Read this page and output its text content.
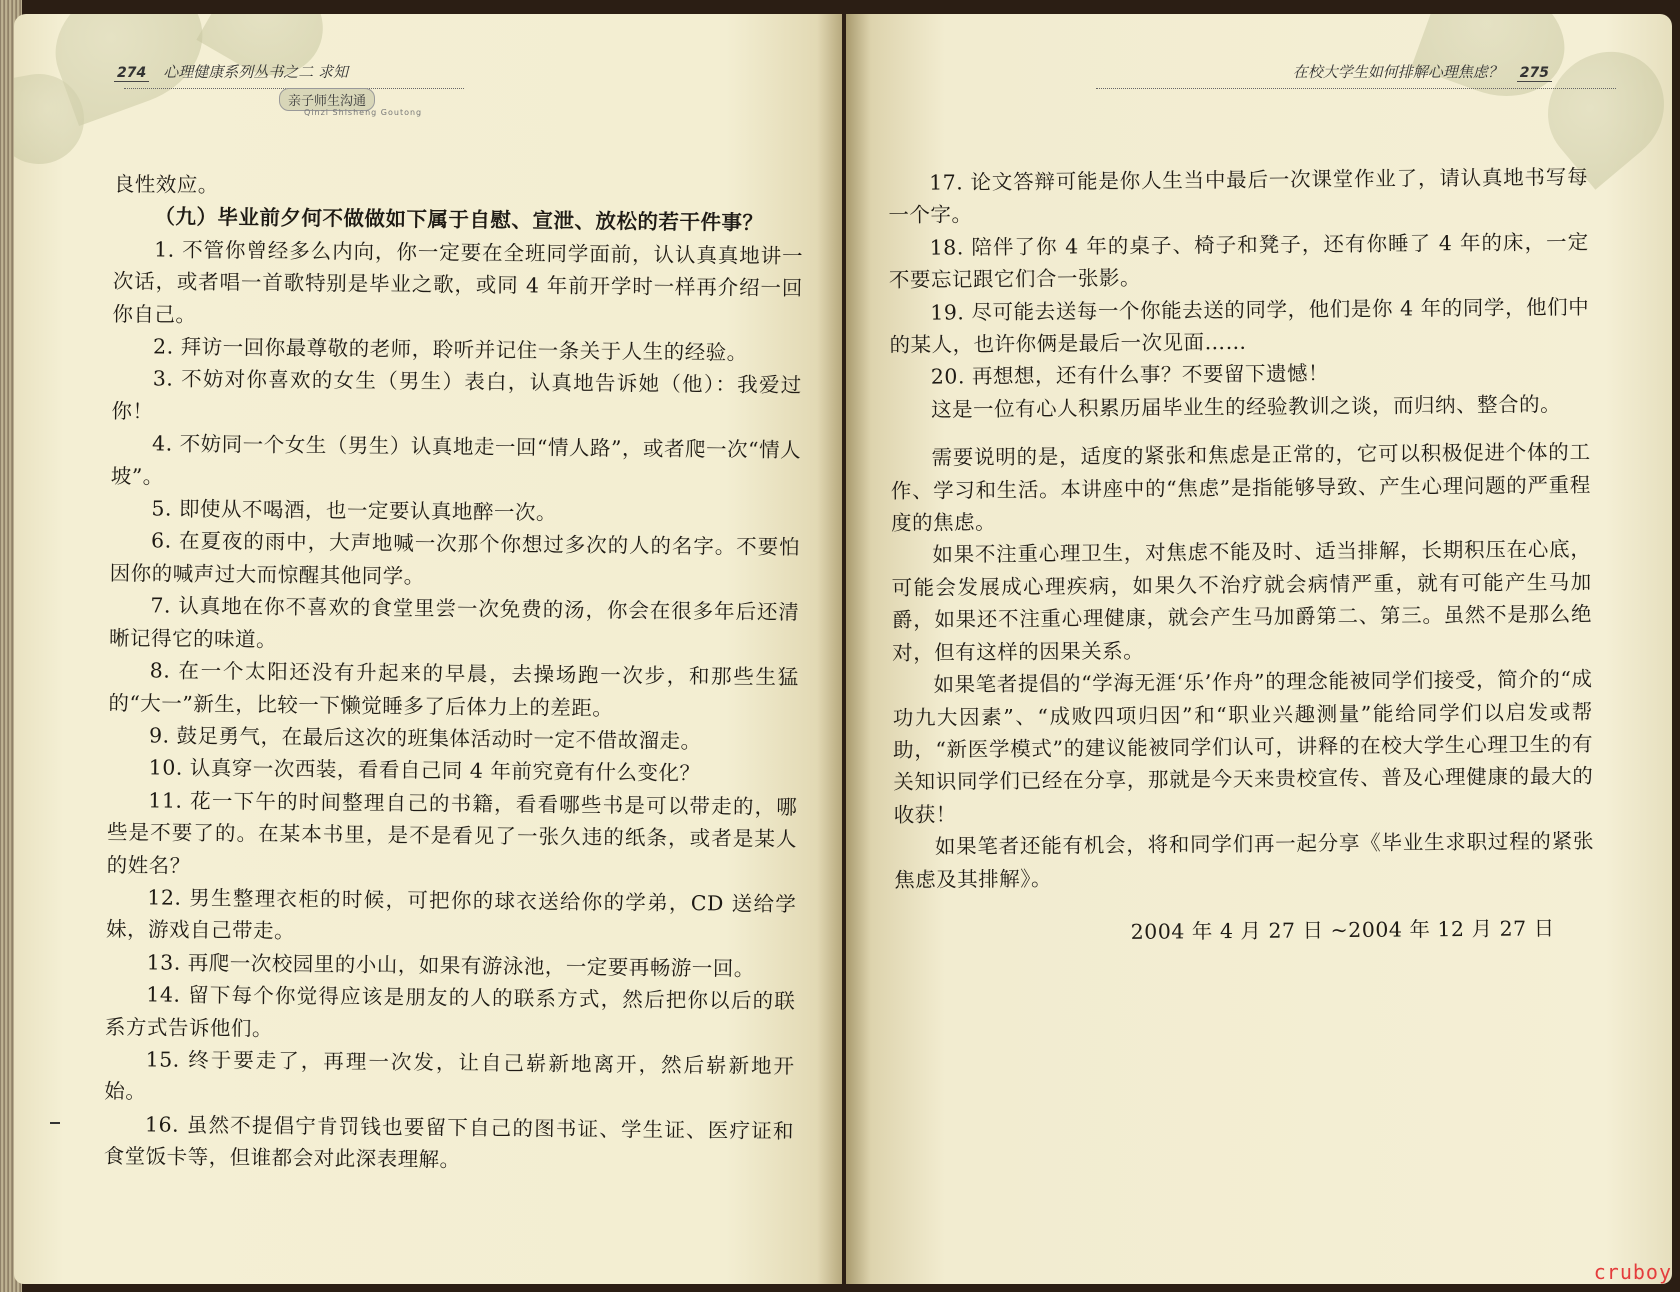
274 心理健康系列丛书之二 求知
亲子师生沟通
Qinzi Shisheng Goutong

良性效应。

（九）毕业前夕何不做做如下属于自慰、宣泄、放松的若干件事？

1. 不管你曾经多么内向，你一定要在全班同学面前，认认真真地讲一次话，或者唱一首歌特别是毕业之歌，或同 4 年前开学时一样再介绍一回你自己。

2. 拜访一回你最尊敬的老师，聆听并记住一条关于人生的经验。

3. 不妨对你喜欢的女生（男生）表白，认真地告诉她（他）：我爱过你！

4. 不妨同一个女生（男生）认真地走一回“情人路”，或者爬一次“情人坡”。

5. 即使从不喝酒，也一定要认真地醉一次。

6. 在夏夜的雨中，大声地喊一次那个你想过多次的人的名字。不要怕因你的喊声过大而惊醒其他同学。

7. 认真地在你不喜欢的食堂里尝一次免费的汤，你会在很多年后还清晰记得它的味道。

8. 在一个太阳还没有升起来的早晨，去操场跑一次步，和那些生猛的“大一”新生，比较一下懒觉睡多了后体力上的差距。

9. 鼓足勇气，在最后这次的班集体活动时一定不借故溜走。

10. 认真穿一次西装，看看自己同 4 年前究竟有什么变化？

11. 花一下午的时间整理自己的书籍，看看哪些书是可以带走的，哪些是不要了的。在某本书里，是不是看见了一张久违的纸条，或者是某人的姓名？

12. 男生整理衣柜的时候，可把你的球衣送给你的学弟，CD 送给学妹，游戏自己带走。

13. 再爬一次校园里的小山，如果有游泳池，一定要再畅游一回。

14. 留下每个你觉得应该是朋友的人的联系方式，然后把你以后的联系方式告诉他们。

15. 终于要走了，再理一次发，让自己崭新地离开，然后崭新地开始。

16. 虽然不提倡宁肯罚钱也要留下自己的图书证、学生证、医疗证和食堂饭卡等，但谁都会对此深表理解。

在校大学生如何排解心理焦虑？ 275

17. 论文答辩可能是你人生当中最后一次课堂作业了，请认真地书写每一个字。

18. 陪伴了你 4 年的桌子、椅子和凳子，还有你睡了 4 年的床，一定不要忘记跟它们合一张影。

19. 尽可能去送每一个你能去送的同学，他们是你 4 年的同学，他们中的某人，也许你俩是最后一次见面……

20. 再想想，还有什么事？不要留下遗憾！

这是一位有心人积累历届毕业生的经验教训之谈，而归纳、整合的。

需要说明的是，适度的紧张和焦虑是正常的，它可以积极促进个体的工作、学习和生活。本讲座中的“焦虑”是指能够导致、产生心理问题的严重程度的焦虑。

如果不注重心理卫生，对焦虑不能及时、适当排解，长期积压在心底，可能会发展成心理疾病，如果久不治疗就会病情严重，就有可能产生马加爵，如果还不注重心理健康，就会产生马加爵第二、第三。虽然不是那么绝对，但有这样的因果关系。

如果笔者提倡的“学海无涯‘乐’作舟”的理念能被同学们接受，简介的“成功九大因素”、“成败四项归因”和“职业兴趣测量”能给同学们以启发或帮助，“新医学模式”的建议能被同学们认可，讲释的在校大学生心理卫生的有关知识同学们已经在分享，那就是今天来贵校宣传、普及心理健康的最大的收获！

如果笔者还能有机会，将和同学们再一起分享《毕业生求职过程的紧张焦虑及其排解》。

2004 年 4 月 27 日 ~2004 年 12 月 27 日

cruboy
